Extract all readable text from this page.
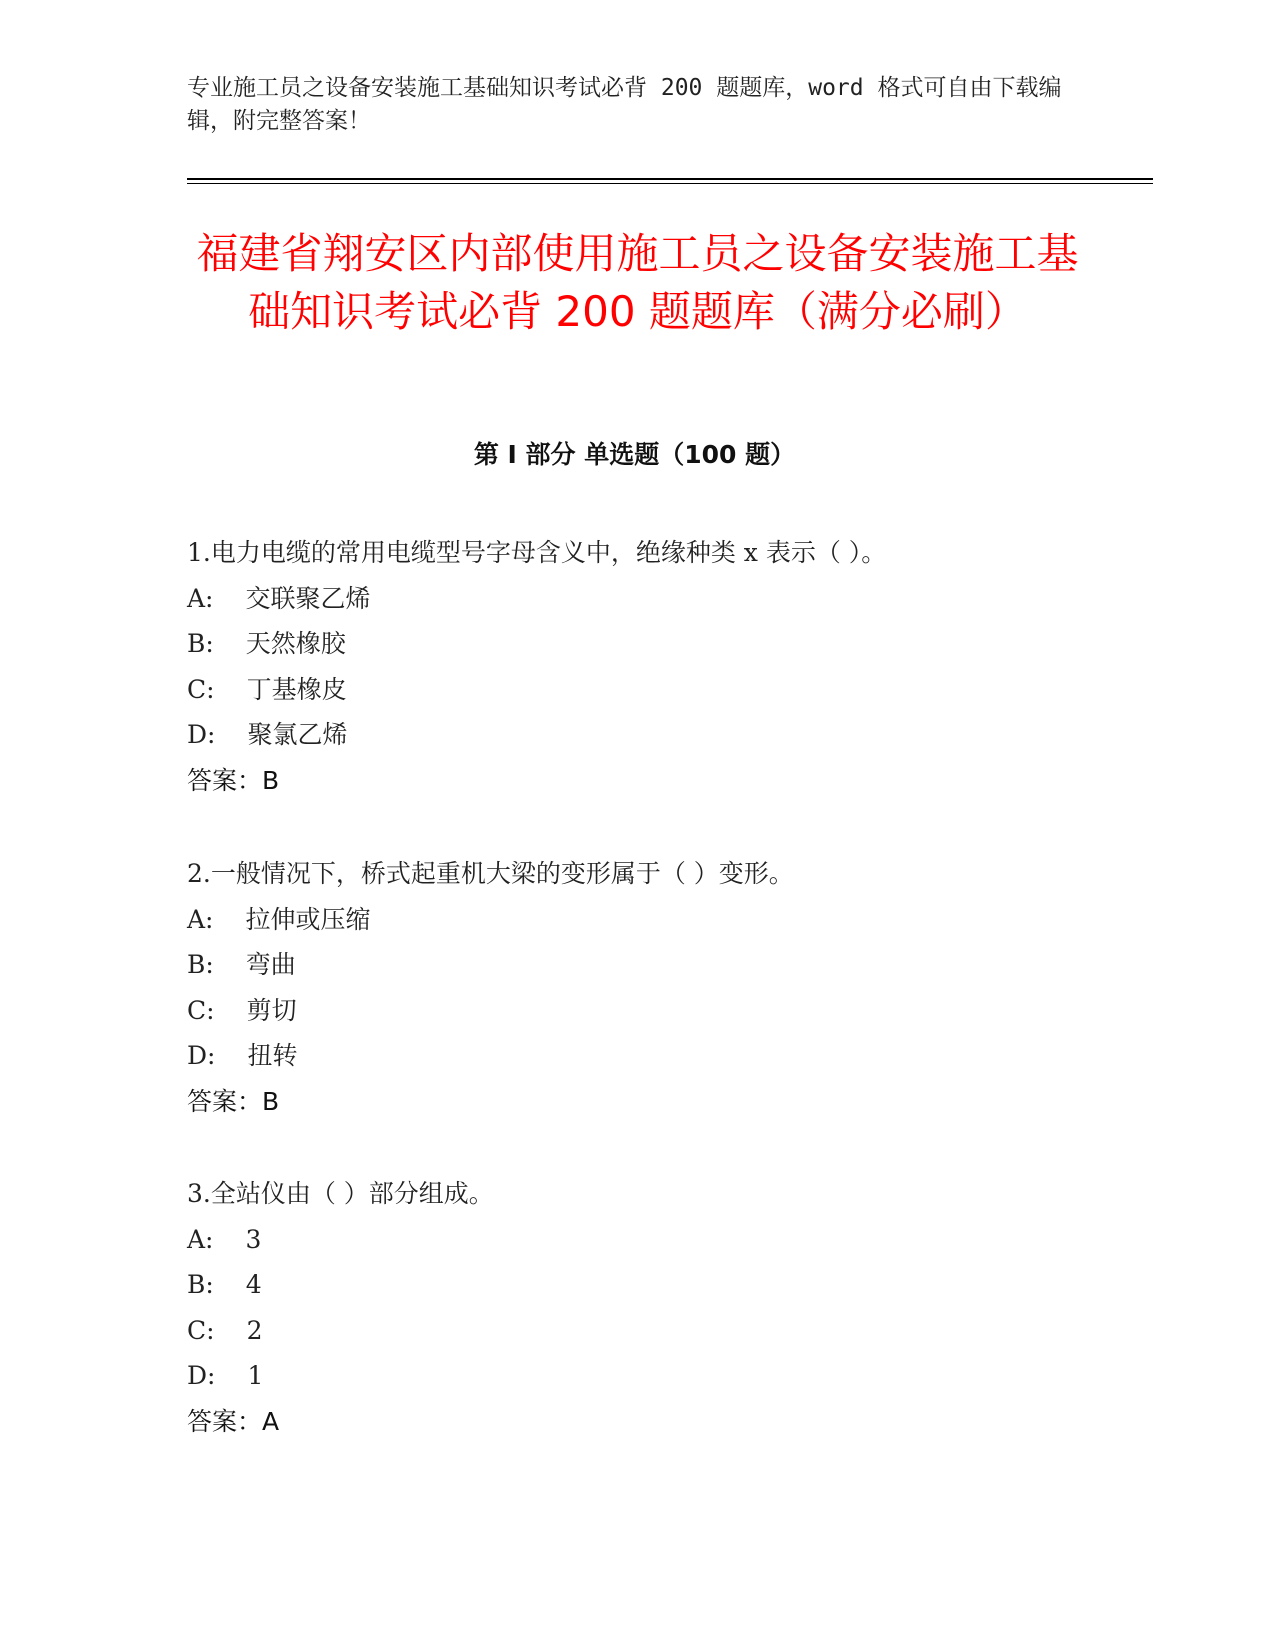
专业施工员之设备安装施工基础知识考试必背 200 题题库，word 格式可自由下载编辑，附完整答案！

福建省翔安区内部使用施工员之设备安装施工基础知识考试必背 200 题题库（满分必刷）
第 I 部分 单选题（100 题）
1.电力电缆的常用电缆型号字母含义中，绝缘种类 x 表示（ ）。
A: 交联聚乙烯
B: 天然橡胶
C: 丁基橡皮
D: 聚氯乙烯
答案：B
2.一般情况下，桥式起重机大梁的变形属于（ ）变形。
A: 拉伸或压缩
B: 弯曲
C: 剪切
D: 扭转
答案：B
3.全站仪由（ ）部分组成。
A: 3
B: 4
C: 2
D: 1
答案：A
